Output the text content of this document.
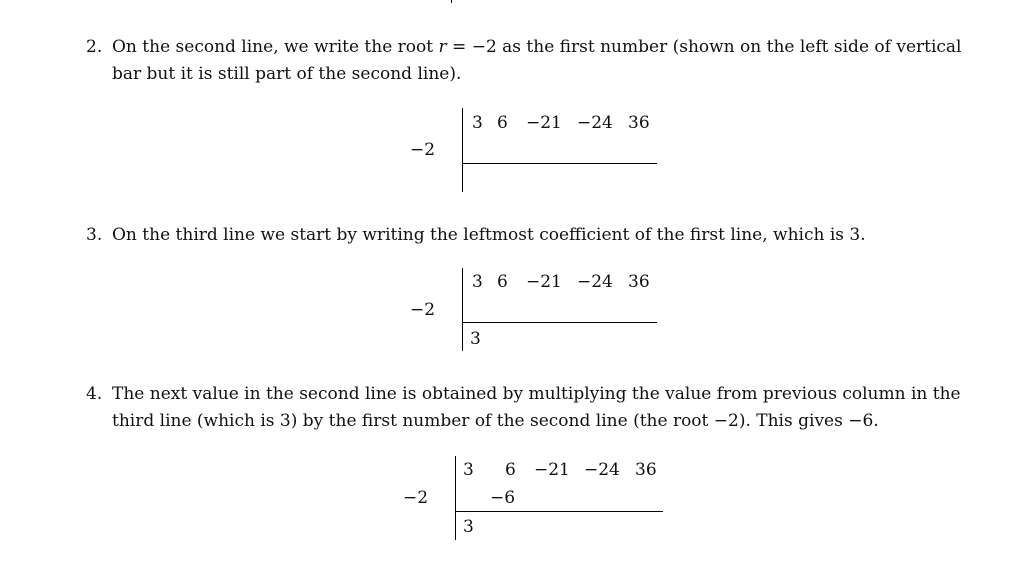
2. On the second line, we write the root r = −2 as the first number (shown on the left side of vertical
bar but it is still part of the second line).
−2
3 6 −21 −24 36
3. On the third line we start by writing the leftmost coefficient of the first line, which is 3.
−2
3 6 −21 −24 36
3
4. The next value in the second line is obtained by multiplying the value from previous column in the
third line (which is 3) by the first number of the second line (the root −2). This gives −6.
−2
3 6 −21 −24 36
−6
3
